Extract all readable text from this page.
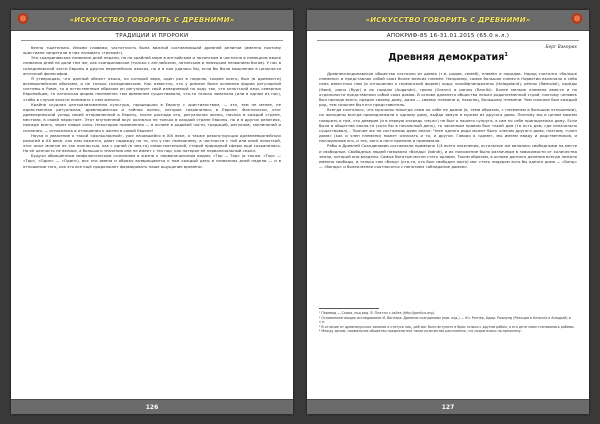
«ИСКУССТВО ГОВОРИТЬ С ДРЕВНИМИ»
ТРАДИЦИИ И ПРОРОКИ

бенно тщательно. Иными словами, частотность была важной составляющей древней религии (именно поэтому христиане запретили в них называть «грехом»).

Это скандинавское название дней недели, но по крайней мере в английском и латинском и частично в немецком языке названия дней не дали тем же, как скандинавское (только с английским, латинским и немецким названием богов). У нас в скандинавской части Европы в других европейских языках, но и в них удалось бы, если бы было мышление в цельности античной философии.

Я утверждаю, что данный объект языка, по которой вера, один раз в неделю, скорее всего, был (в древности) всеевропейским обычаем, а не только скандинавским. Как известно, что у римлян была основная форма регулярной системы в Риме, то и естественным образом он регулирует свой измеряемый по ходу так, что кельтский язык северных Европейцев, то латинская форма неизменно тем временем существовала, что-то только заменяла (или в одном из нас), чтобы в случае власти понимать с кем желать.

Крайне скудная централизованная культура, пришедшая в Европу с христианством, — это, тем не менее, не единственная ритуальная, древнеримская и тайная жизнь, которая сохранилась в Европе. Фактически, этот древнеримский уклад своей отправленной в Европу, после распада его, ритуальная жизнь, начала в каждой стране, местами, в своей нарастает. Этот внутренний вкус оказался не только в каждой стране Европы, но и в других религиях, прежде всего, через новые силы. Некоторые проявления — в основе в родовой части, традиций, ритуалов, заклинаний и сказания, — относились в отношения к жизни в самой Европе!

Наука и уважение к такой «фольклорной», уже начавшейся в ХIХ веке, а также реконструкция древнеевропейских религий в ХХ веке, как нам кажется, дают надежду на то, что у нас нынешнему, в частности с той или иной попыткой, этот опыт многие не так полностью, как с одной (в чем-то) самостоятельной, старой природной сферы ещё сохранилась. Но её ценность не велика, а большого значения она не имеет с тех пор, как потерян её первоначальный смысл.

Будучи обращённым мифологическим сознанием в жизни к первоначальным видам, «Тор — Тор» (а также, «Тор» — «Тор», «Один» — «Один»), все эти имена и образы возвращаются к нам каждый день в названиях дней недели — и в отношении того, как это все ещё продолжает формировать наше ощущение времени.

126
«ИСКУССТВО ГОВОРИТЬ С ДРЕВНИМИ»
АПОКРИФ-85 16-31.01.2015 (65.0 к.л.)
Берг Вакерих
Древняя демократия$^1$

Древнескандинавское общество состояло из домов (т.е. родов, семей), племён и народов. Народ считался «больше племени» и представлял собой союз более мелких племён. Например, самое большое племя в Норвегии включало в себя семь известных нам (в отношении к германской форме) хирд: хальбфлиндюсены (Halogaland), рённы (Rømsdal), хэрёды (Hørd), рюгы (Rygr) и их гордлы (Augandir), граны (Granni) и ранны (Ranríki). Более мелкие племена вместе и по отдельности представляли собой союз домов. В основе древнего общества лежал родоплеменной строй, поэтому человек был прежде всего, предан своему дому, даже — своему племени и, наконец, большому племени. Чем сильнее был каждый род, тем сильнее был его представитель.

Всегда считалось, что мужчины никогда сами по себе не домов (в, теми образом, с племенем в большом отношении), но женщины всегда принадлежали к одному дому, выйдя замуж в мужем из другого дома. Поэтому мы в целом можем говорить о том, что доверие (и в первую очередь «муж») не был о нашего супруга, а сам по себе принадлежал дому. Если была в обществе какая-то (хотя бы в начальный день), то законным правом был такой дом (то есть дом, где изначально существовал)... Прочие же по состоянию дома иначе. Член одного рода может быть членом другого дома, поэтому «член дома» (как и член племени) может означать и то, и другое. Говоря о «доме», мы имеем ввиду и родственников, и наследников его, и тех, кого в него приняли и принимали.

Рабы в Древней Скандинавии составляли примерно 1/4 всего населения, остальные же являлись свободными на месте и свободные. Свободных людей называли «бонды» (bóndi), и их положение было различным в зависимости от количества земли, которой они владели. Самые богатые могли стать ярлами. Таким образом, в основе данного деления всегда лежало именно свободы, и только сам «бонд» (кто-то, кто был свободен жить) мог стать лидером хотя бы одного дома — «Бонд» — «бонды» и более-менее соотносятся с понятием «обладание домом».

¹ Перевод — Скира, под ред. Я. Платты с сайта (http://pontius.org).

² Основополагающее исследование И. Вагнера: Древние скандинавы (нов. изд.) — Кн. Рагнер, Адюр. Роамунд (Реакция в Кельске в Анадрой) и т.п.

³ В отличие от древнерусских законов о статусе лиц, раб мог быть вступить в брак только с другим рабом, а его дети сами становились рабами.

⁴ Между делом, нормальное общество предполагало такое количество расслоения, что сохранялось по-прежнему.

127
